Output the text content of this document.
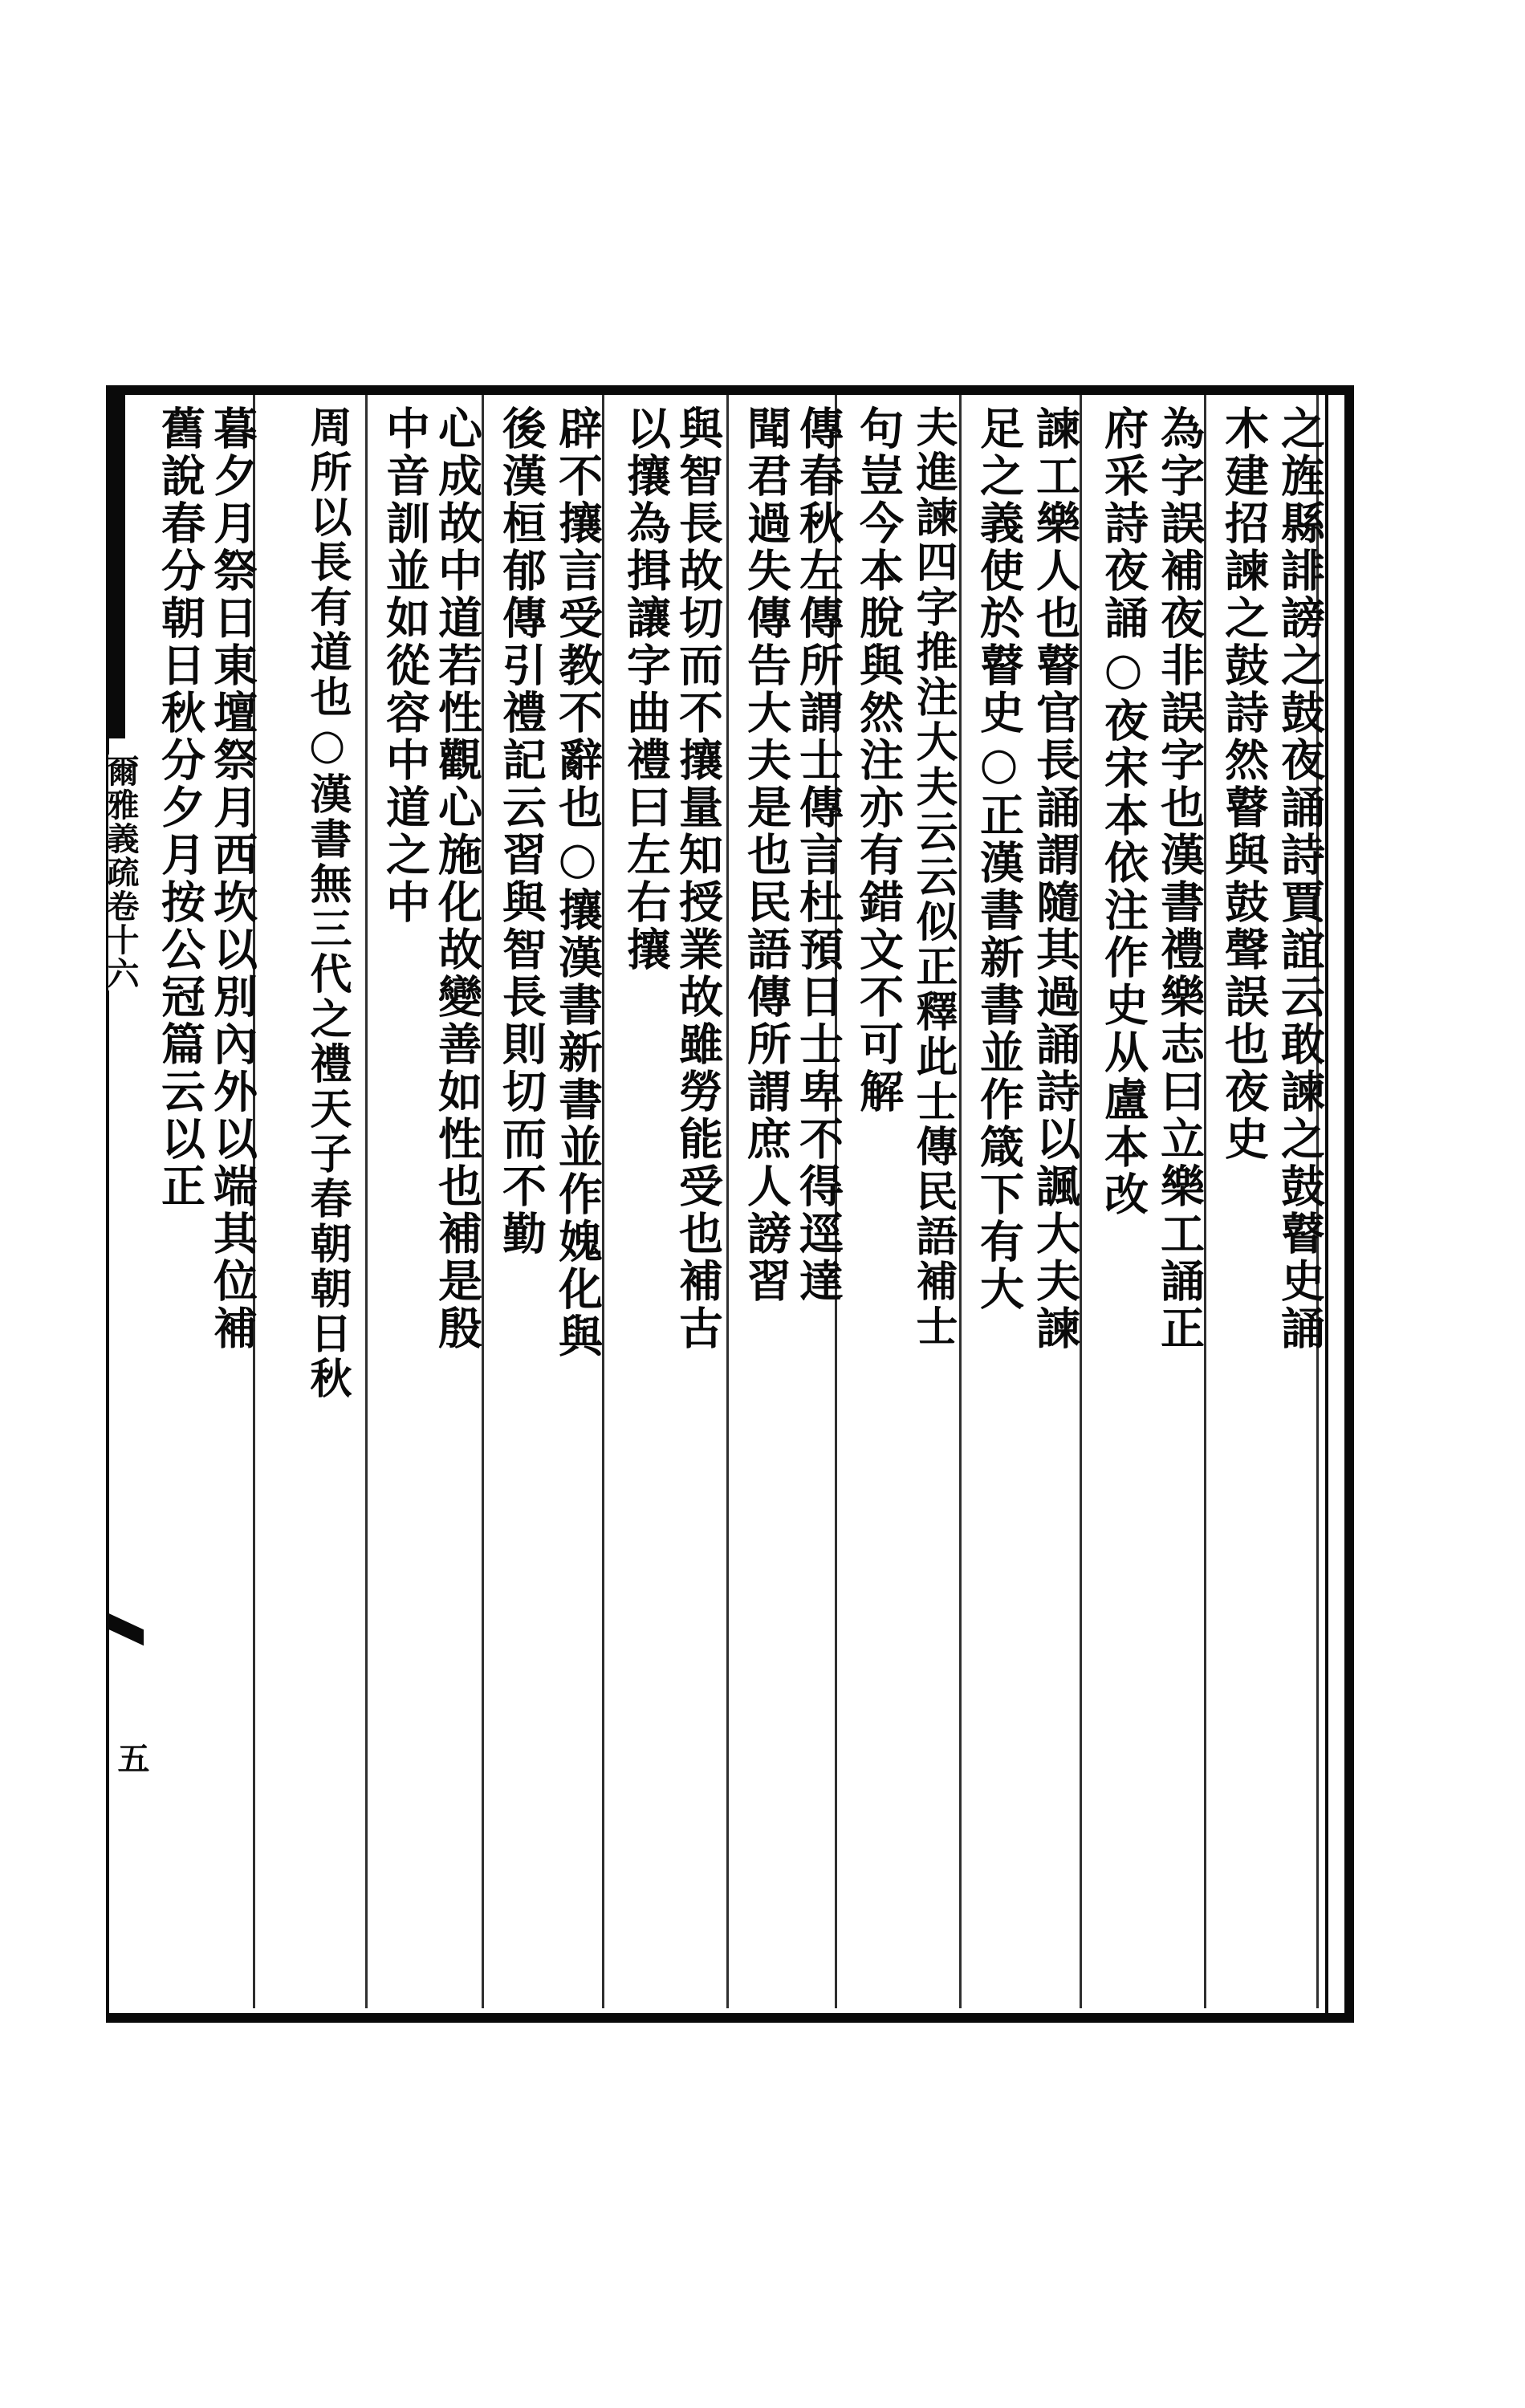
爾雅義疏卷十六
五
之旌縣誹謗之鼓夜誦詩賈誼云敢諫之鼓瞽史誦
木建招諫之鼓詩然瞽與鼓聲誤也夜史
為字誤補夜非誤字也漢書禮樂志曰立樂工誦正
府采詩夜誦○夜宋本依注作史从盧本改
諫工樂人也瞽官長誦謂隨其過誦詩以諷大夫諫
足之義使於瞽史○正漢書新書並作箴下有大
夫進諫四字推注大夫云云似正釋此士傳民語補士
句豈今本脫與然注亦有錯文不可解
傳春秋左傳所謂士傳言杜預日士卑不得逕達
聞君過失傳告大夫是也民語傳所謂庶人謗習
與智長故切而不攘量知授業故雖勞能受也補古
以攘為揖讓字曲禮曰左右攘
辟不攘言受教不辭也○攘漢書新書並作媿化與
後漢桓郁傳引禮記云習與智長則切而不勤
心成故中道若性觀心施化故變善如性也補是殷
中音訓並如從容中道之中
周所以長有道也○漢書無三代之禮天子春朝朝日秋
暮夕月祭日東壇祭月西坎以別內外以端其位補
舊說春分朝日秋分夕月按公冠篇云以正
